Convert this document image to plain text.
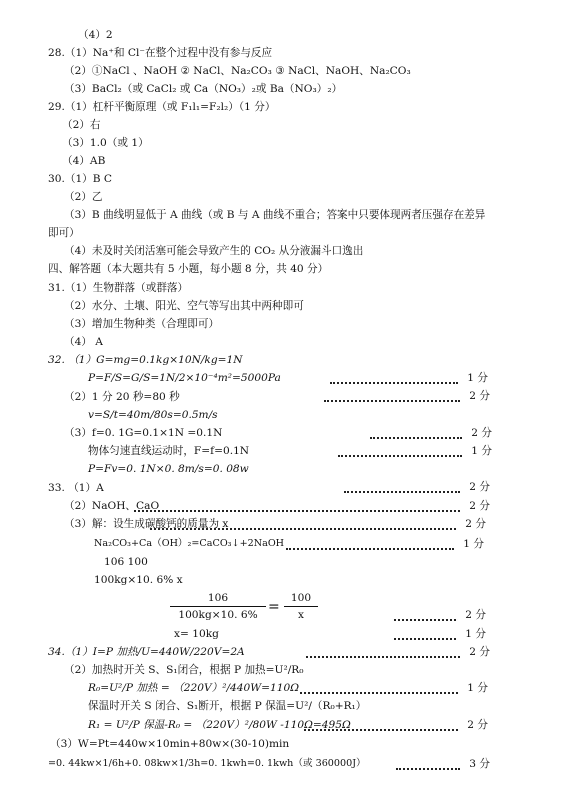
（4）2
28.（1）Na⁺和 Cl⁻在整个过程中没有参与反应
（2）①NaCl 、NaOH ② NaCl、Na₂CO₃ ③ NaCl、NaOH、Na₂CO₃
（3）BaCl₂（或 CaCl₂ 或 Ca（NO₃）₂或 Ba（NO₃）₂）
29.（1）杠杆平衡原理（或 F₁l₁=F₂l₂）（1 分）
（2）右
（3）1.0（或 1）
（4）AB
30.（1）B C
（2）乙
（3）B 曲线明显低于 A 曲线（或 B 与 A 曲线不重合；答案中只要体现两者压强存在差异
即可）
（4）未及时关闭活塞可能会导致产生的 CO₂ 从分液漏斗口逸出
四、解答题（本大题共有 5 小题，每小题 8 分，共 40 分）
31.（1）生物群落（或群落）
（2）水分、土壤、阳光、空气等写出其中两种即可
（3）增加生物种类（合理即可）
（4） A
32. （1）G=mg=0.1kg×10N/kg=1N
P=F/S=G/S=1N/2×10⁻⁴m²=5000Pa
（2）1 分 20 秒=80 秒
v=S/t=40m/80s=0.5m/s
（3）f=0. 1G=0.1×1N =0.1N
物体匀速直线运动时，F=f=0.1N
P=Fv=0. 1N×0. 8m/s=0. 08w
33. （1）A
（2）NaOH、CaO
（3）解：设生成碳酸钙的质量为 x
Na₂CO₃+Ca（OH）₂=CaCO₃↓+2NaOH
106 100
100kg×10. 6% x
x= 10kg
34.（1）I=P 加热/U=440W/220V=2A
（2）加热时开关 S、S₁闭合，根据 P 加热=U²/R₀
R₀=U²/P 加热 = （220V）²/440W=110Ω
保温时开关 S 闭合、S₁断开，根据 P 保温=U²/（R₀+R₁）
R₁ = U²/P 保温-R₀ = （220V）²/80W -110Ω=495Ω
（3）W=Pt=440w×10min+80w×(30-10)min
=0. 44kw×1/6h+0. 08kw×1/3h=0. 1kwh=0. 1kwh（或 360000J）
106
100kg×10. 6% =
100
x
1 分
2 分
2 分
1 分
2 分
2 分
2 分
1 分
2 分
1 分
2 分
1 分
2 分
3 分
